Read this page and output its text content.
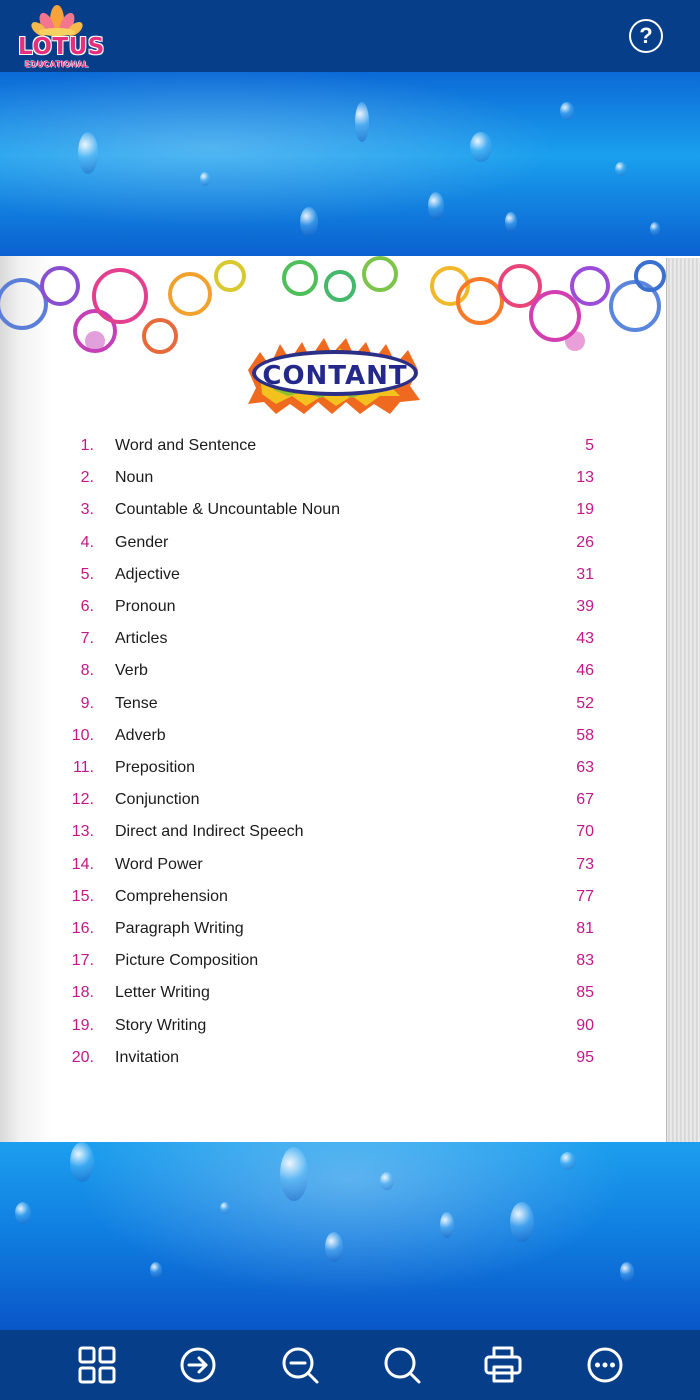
LOTUS
EDUCATIONAL
?
CONTANT
1. Word and Sentence	5
2. Noun	13
3. Countable & Uncountable Noun	19
4. Gender	26
5. Adjective	31
6. Pronoun	39
7. Articles	43
8. Verb	46
9. Tense	52
10. Adverb	58
11. Preposition	63
12. Conjunction	67
13. Direct and Indirect Speech	70
14. Word Power	73
15. Comprehension	77
16. Paragraph Writing	81
17. Picture Composition	83
18. Letter Writing	85
19. Story Writing	90
20. Invitation	95
